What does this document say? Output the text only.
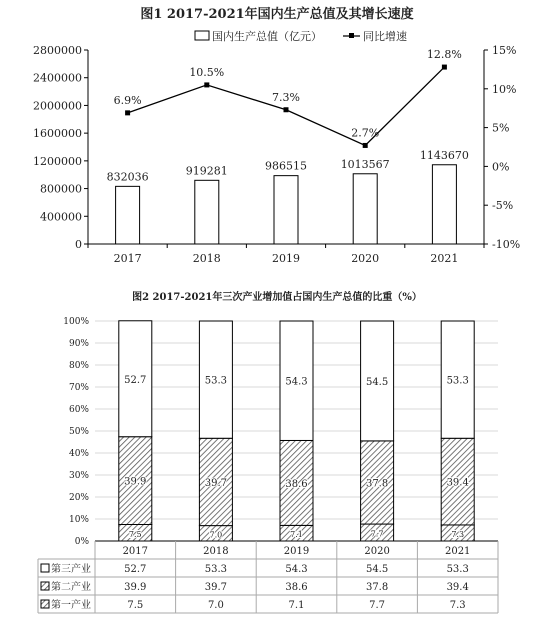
图1 2017-2021年国内生产总值及其增长速度
国内生产总值（亿元）	同比增速
0
400000
800000
1200000
1600000
2000000
2400000
2800000
-10%
-5%
0%
5%
10%
15%
832036	919281	986515	1013567
1143670
6.9%
10.5%
7.3%
2.7%
12.8%
2017	2018	2019	2020	2021
图2 2017-2021年三次产业增加值占国内生产总值的比重（%）
0%
10%
20%
30%
40%
50%
60%
70%
80%
90%
100%
7.5
39.9
52.7
7.0
39.7
53.3
7.1
38.6
54.3
7.7
37.8
54.5
7.3
39.4
53.3
2017	2018	2019	2020	2021
第三产业	52.7	53.3	54.3	54.5	53.3
第二产业	39.9	39.7	38.6	37.8	39.4
第一产业	7.5	7.0	7.1	7.7	7.3
